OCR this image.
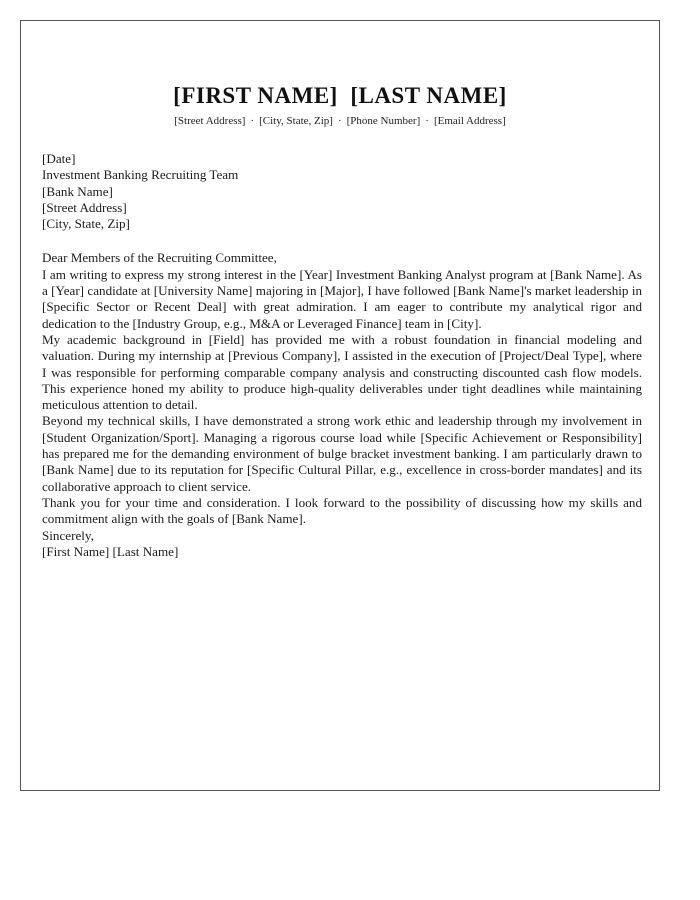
[FIRST NAME]  [LAST NAME]
[Street Address] · [City, State, Zip] · [Phone Number] · [Email Address]

[Date]

Investment Banking Recruiting Team

[Bank Name]

[Street Address]

[City, State, Zip]

Dear Members of the Recruiting Committee,

I am writing to express my strong interest in the [Year] Investment Banking Analyst program at [Bank Name]. As a [Year] candidate at [University Name] majoring in [Major], I have followed [Bank Name]'s market leadership in [Specific Sector or Recent Deal] with great admiration. I am eager to contribute my analytical rigor and dedication to the [Industry Group, e.g., M&A or Leveraged Finance] team in [City].

My academic background in [Field] has provided me with a robust foundation in financial modeling and valuation. During my internship at [Previous Company], I assisted in the execution of [Project/Deal Type], where I was responsible for performing comparable company analysis and constructing discounted cash flow models. This experience honed my ability to produce high-quality deliverables under tight deadlines while maintaining meticulous attention to detail.

Beyond my technical skills, I have demonstrated a strong work ethic and leadership through my involvement in [Student Organization/Sport]. Managing a rigorous course load while [Specific Achievement or Responsibility] has prepared me for the demanding environment of bulge bracket investment banking. I am particularly drawn to [Bank Name] due to its reputation for [Specific Cultural Pillar, e.g., excellence in cross-border mandates] and its collaborative approach to client service.

Thank you for your time and consideration. I look forward to the possibility of discussing how my skills and commitment align with the goals of [Bank Name].

Sincerely,

[First Name] [Last Name]
